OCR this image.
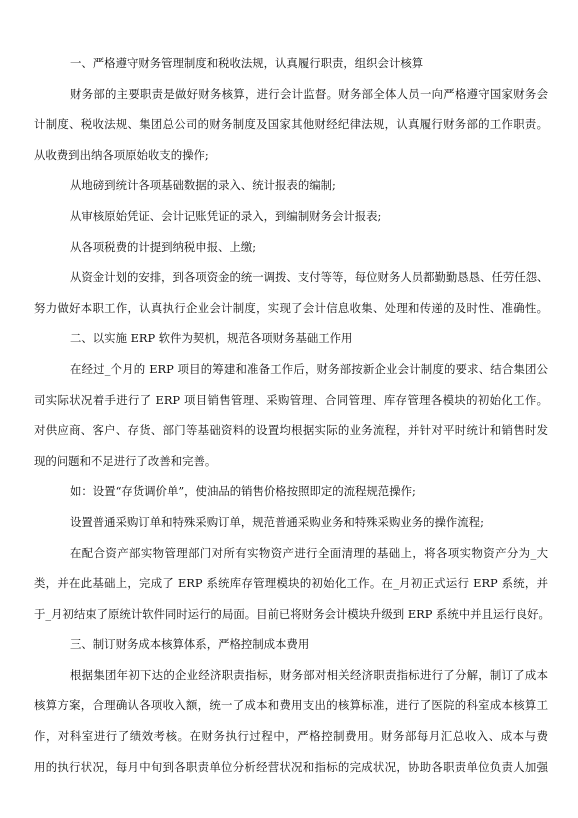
一、严格遵守财务管理制度和税收法规，认真履行职责，组织会计核算
财务部的主要职责是做好财务核算，进行会计监督。财务部全体人员一向严格遵守国家财务会
计制度、税收法规、集团总公司的财务制度及国家其他财经纪律法规，认真履行财务部的工作职责。
从收费到出纳各项原始收支的操作;
从地磅到统计各项基础数据的录入、统计报表的编制;
从审核原始凭证、会计记账凭证的录入，到编制财务会计报表;
从各项税费的计提到纳税申报、上缴;
从资金计划的安排，到各项资金的统一调拨、支付等等，每位财务人员都勤勤恳恳、任劳任怨、
努力做好本职工作，认真执行企业会计制度，实现了会计信息收集、处理和传递的及时性、准确性。
二、以实施 ERP 软件为契机，规范各项财务基础工作用
在经过_个月的 ERP 项目的筹建和准备工作后，财务部按新企业会计制度的要求、结合集团公
司实际状况着手进行了 ERP 项目销售管理、采购管理、合同管理、库存管理各模块的初始化工作。
对供应商、客户、存货、部门等基础资料的设置均根据实际的业务流程，并针对平时统计和销售时发
现的问题和不足进行了改善和完善。
如：设置“存货调价单”，使油品的销售价格按照即定的流程规范操作;
设置普通采购订单和特殊采购订单，规范普通采购业务和特殊采购业务的操作流程;
在配合资产部实物管理部门对所有实物资产进行全面清理的基础上，将各项实物资产分为_大
类，并在此基础上，完成了 ERP 系统库存管理模块的初始化工作。在_月初正式运行 ERP 系统，并
于_月初结束了原统计软件同时运行的局面。目前已将财务会计模块升级到 ERP 系统中并且运行良好。
三、制订财务成本核算体系，严格控制成本费用
根据集团年初下达的企业经济职责指标，财务部对相关经济职责指标进行了分解，制订了成本
核算方案，合理确认各项收入额，统一了成本和费用支出的核算标准，进行了医院的科室成本核算工
作，对科室进行了绩效考核。在财务执行过程中，严格控制费用。财务部每月汇总收入、成本与费
用的执行状况，每月中旬到各职责单位分析经营状况和指标的完成状况，协助各职责单位负责人加强
